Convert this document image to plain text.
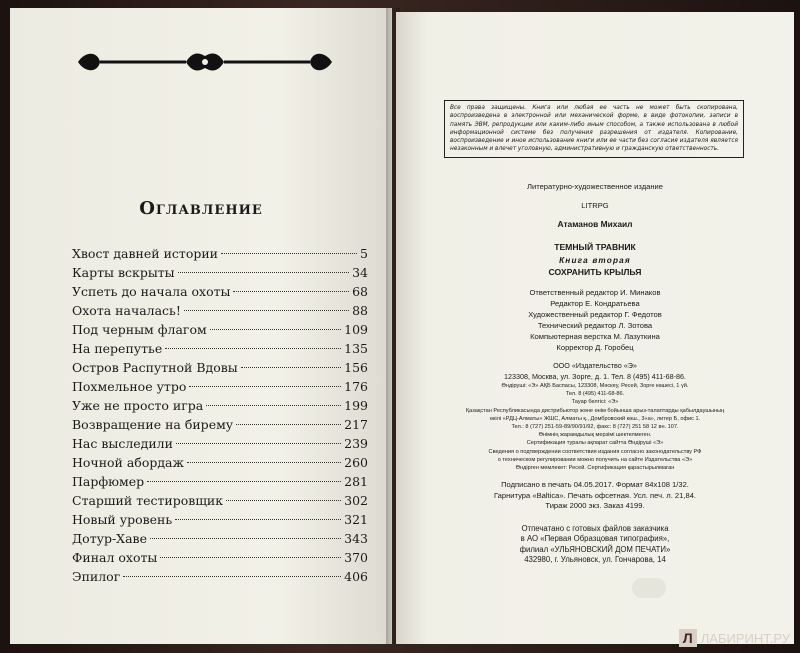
Оглавление
Хвост давней истории	5
Карты вскрыты	34
Успеть до начала охоты	68
Охота началась!	88
Под черным флагом	109
На перепутье	135
Остров Распутной Вдовы	156
Похмельное утро	176
Уже не просто игра	199
Возвращение на бирему	217
Нас выследили	239
Ночной абордаж	260
Парфюмер	281
Старший тестировщик	302
Новый уровень	321
Дотур-Хаве	343
Финал охоты	370
Эпилог	406
Все права защищены. Книга или любая ее часть не может быть скопирована, воспроизведена в электронной или механической форме, в виде фотокопии, записи в память ЭВМ, репродукции или каким-либо иным способом, а также использована в любой информационной системе без получения разрешения от издателя. Копирование, воспроизведение и иное использование книги или ее части без согласия издателя является незаконным и влечет уголовную, административную и гражданскую ответственность.

Литературно-художественное издание

LITRPG

Атаманов Михаил

ТЕМНЫЙ ТРАВНИК

Книга вторая

СОХРАНИТЬ КРЫЛЬЯ

Ответственный редактор И. Минаков

Редактор Е. Кондратьева

Художественный редактор Г. Федотов

Технический редактор Л. Зотова

Компьютерная верстка М. Лазуткина

Корректор Д. Горобец

ООО «Издательство «Э»

123308, Москва, ул. Зорге, д. 1. Тел. 8 (495) 411-68-86.

Өндіруші: «Э» АҚБ Баспасы, 123308, Мәскеу, Ресей, Зорге көшесі, 1 үй.

Тел. 8 (495) 411-68-86.

Тауар белгісі: «Э»

Қазақстан Республикасында дистрибьютор және өнім бойынша арыз-талаптарды қабылдаушының

өкілі «РДЦ-Алматы» ЖШС, Алматы қ., Домбровский көш., 3«а», литер Б, офис 1.

Тел.: 8 (727) 251-59-89/90/91/92, факс: 8 (727) 251 58 12 вн. 107.

Өнімнің жарамдылық мерзімі шектелмеген.

Сертификация туралы ақпарат сайтта Өндіруші «Э»

Сведения о подтверждении соответствия издания согласно законодательству РФ

о техническом регулировании можно получить на сайте Издательства «Э»

Өндірген мемлекет: Ресей. Сертификация қарастырылмаған

Подписано в печать 04.05.2017. Формат 84x108 1/32.

Гарнитура «Baltica». Печать офсетная. Усл. печ. л. 21,84.

Тираж 2000 экз. Заказ 4199.

Отпечатано с готовых файлов заказчика

в АО «Первая Образцовая типография»,

филиал «УЛЬЯНОВСКИЙ ДОМ ПЕЧАТИ»

432980, г. Ульяновск, ул. Гончарова, 14

Л ЛАБИРИНТ.РУ
